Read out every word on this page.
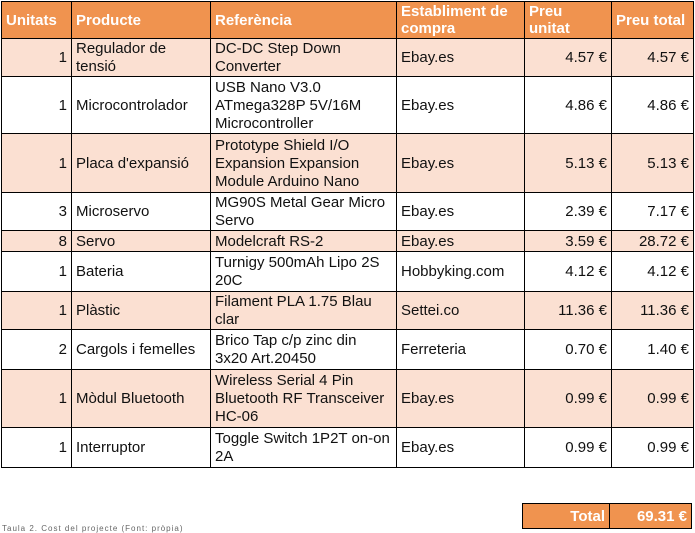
Unitats	Producte	Referència	Establiment de compra	Preu unitat	Preu total
1	Regulador de tensió	DC-DC Step Down Converter	Ebay.es	4.57 €	4.57 €
1	Microcontrolador	USB Nano V3.0 ATmega328P 5V/16M Microcontroller	Ebay.es	4.86 €	4.86 €
1	Placa d'expansió	Prototype Shield I/O Expansion Expansion Module Arduino Nano	Ebay.es	5.13 €	5.13 €
3	Microservo	MG90S Metal Gear Micro Servo	Ebay.es	2.39 €	7.17 €
8	Servo	Modelcraft RS-2	Ebay.es	3.59 €	28.72 €
1	Bateria	Turnigy 500mAh Lipo 2S 20C	Hobbyking.com	4.12 €	4.12 €
1	Plàstic	Filament PLA 1.75 Blau clar	Settei.co	11.36 €	11.36 €
2	Cargols i femelles	Brico Tap c/p zinc din 3x20 Art.20450	Ferreteria	0.70 €	1.40 €
1	Mòdul Bluetooth	Wireless Serial 4 Pin Bluetooth RF Transceiver HC-06	Ebay.es	0.99 €	0.99 €
1	Interruptor	Toggle Switch 1P2T on-on 2A	Ebay.es	0.99 €	0.99 €
Total	69.31 €
Taula 2. Cost del projecte (Font: pròpia)
